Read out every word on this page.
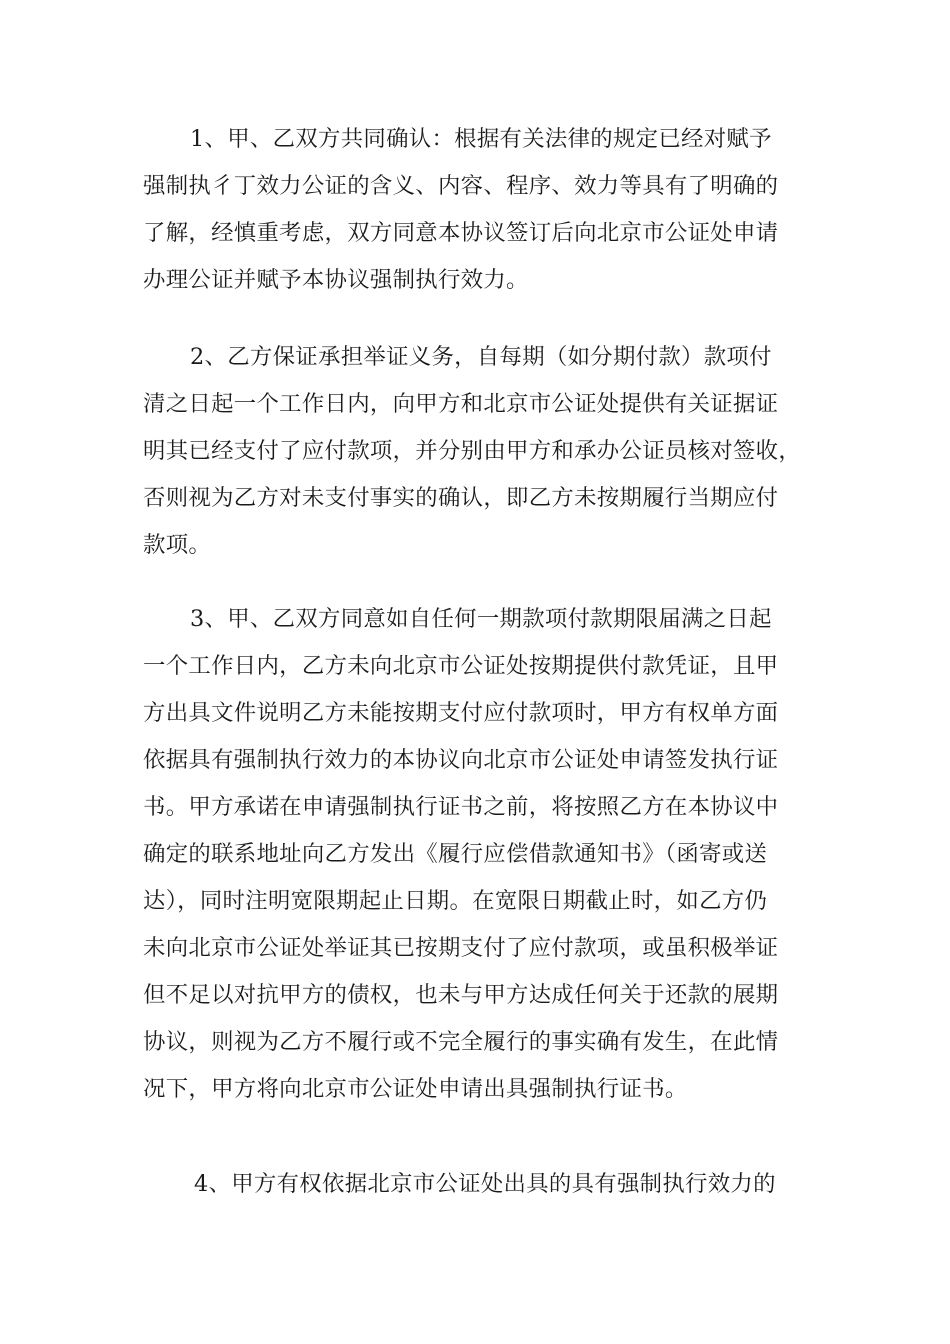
1、甲、乙双方共同确认：根据有关法律的规定已经对赋予
强制执彳丁效力公证的含义、内容、程序、效力等具有了明确的
了解，经慎重考虑，双方同意本协议签订后向北京市公证处申请
办理公证并赋予本协议强制执行效力。
2、乙方保证承担举证义务，自每期（如分期付款）款项付
清之日起一个工作日内，向甲方和北京市公证处提供有关证据证
明其已经支付了应付款项，并分别由甲方和承办公证员核对签收，
否则视为乙方对未支付事实的确认，即乙方未按期履行当期应付
款项。
3、甲、乙双方同意如自任何一期款项付款期限届满之日起
一个工作日内，乙方未向北京市公证处按期提供付款凭证，且甲
方出具文件说明乙方未能按期支付应付款项时，甲方有权单方面
依据具有强制执行效力的本协议向北京市公证处申请签发执行证
书。甲方承诺在申请强制执行证书之前，将按照乙方在本协议中
确定的联系地址向乙方发出《履行应偿借款通知书》（函寄或送
达），同时注明宽限期起止日期。在宽限日期截止时，如乙方仍
未向北京市公证处举证其已按期支付了应付款项，或虽积极举证
但不足以对抗甲方的债权，也未与甲方达成任何关于还款的展期
协议，则视为乙方不履行或不完全履行的事实确有发生，在此情
况下，甲方将向北京市公证处申请出具强制执行证书。
4、甲方有权依据北京市公证处出具的具有强制执行效力的
